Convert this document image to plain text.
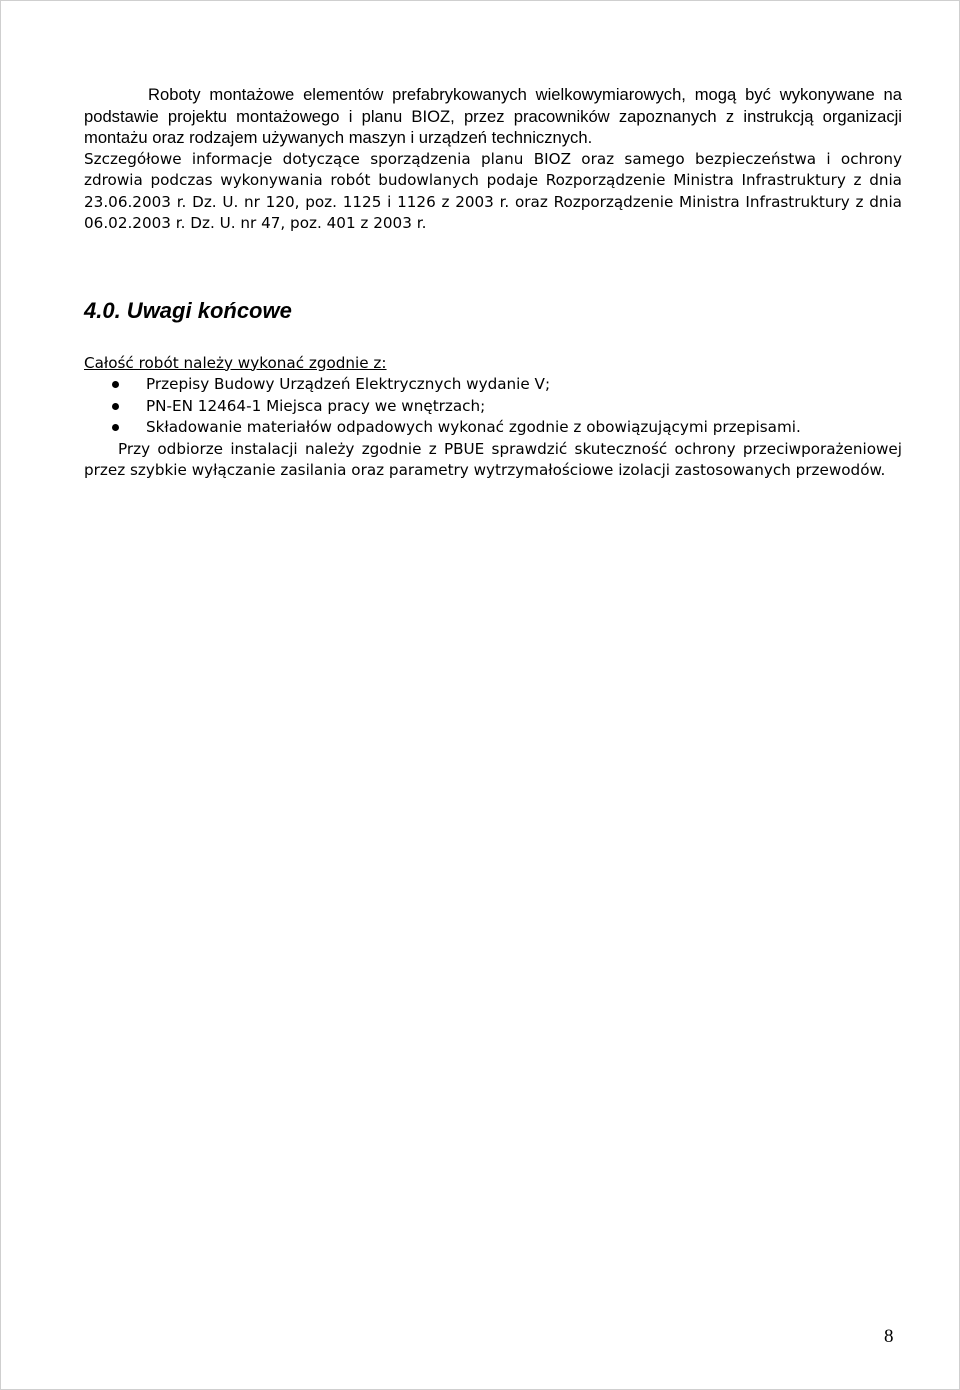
Roboty montażowe elementów prefabrykowanych wielkowymiarowych, mogą być wykonywane na podstawie projektu montażowego i planu BIOZ, przez pracowników zapoznanych z instrukcją organizacji montażu oraz rodzajem używanych maszyn i urządzeń technicznych.

Szczegółowe informacje dotyczące sporządzenia planu BIOZ oraz samego bezpieczeństwa i ochrony zdrowia podczas wykonywania robót budowlanych podaje Rozporządzenie Ministra Infrastruktury z dnia 23.06.2003 r. Dz. U. nr 120, poz. 1125 i 1126 z 2003 r. oraz Rozporządzenie Ministra Infrastruktury z dnia 06.02.2003 r. Dz. U. nr 47, poz. 401 z 2003 r.

4.0. Uwagi końcowe

Całość robót należy wykonać zgodnie z:

Przepisy Budowy Urządzeń Elektrycznych wydanie V;
PN-EN 12464-1 Miejsca pracy we wnętrzach;
Składowanie materiałów odpadowych wykonać zgodnie z obowiązującymi przepisami.

Przy odbiorze instalacji należy zgodnie z PBUE sprawdzić skuteczność ochrony przeciwporażeniowej przez szybkie wyłączanie zasilania oraz parametry wytrzymałościowe izolacji zastosowanych przewodów.

8
